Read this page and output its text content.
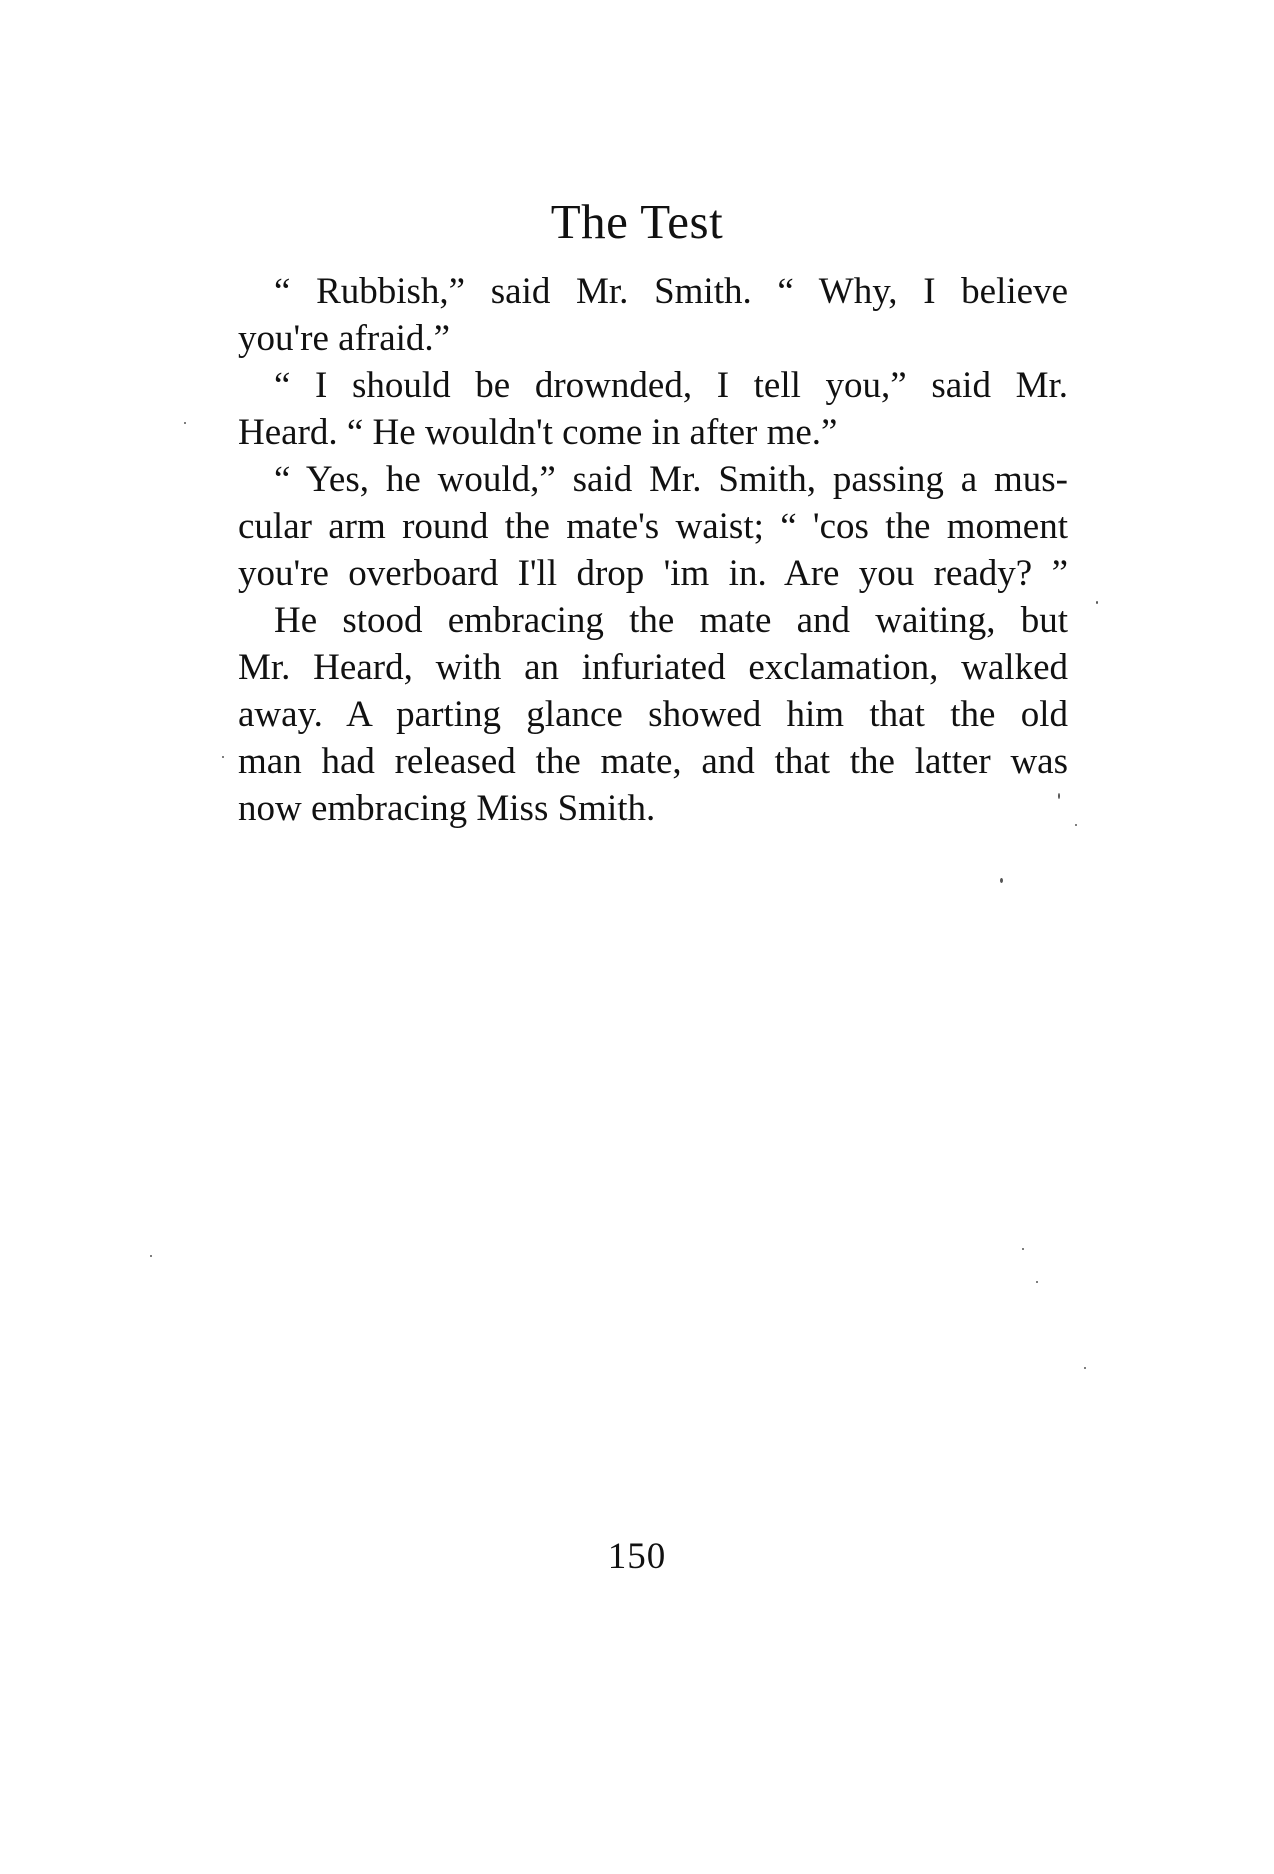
The Test
“ Rubbish,” said Mr. Smith. “ Why, I believe
you're afraid.”
“ I should be drownded, I tell you,” said Mr.
Heard. “ He wouldn't come in after me.”
“ Yes, he would,” said Mr. Smith, passing a mus-
cular arm round the mate's waist; “ 'cos the moment
you're overboard I'll drop 'im in. Are you ready? ”
He stood embracing the mate and waiting, but
Mr. Heard, with an infuriated exclamation, walked
away. A parting glance showed him that the old
man had released the mate, and that the latter was
now embracing Miss Smith.
150
